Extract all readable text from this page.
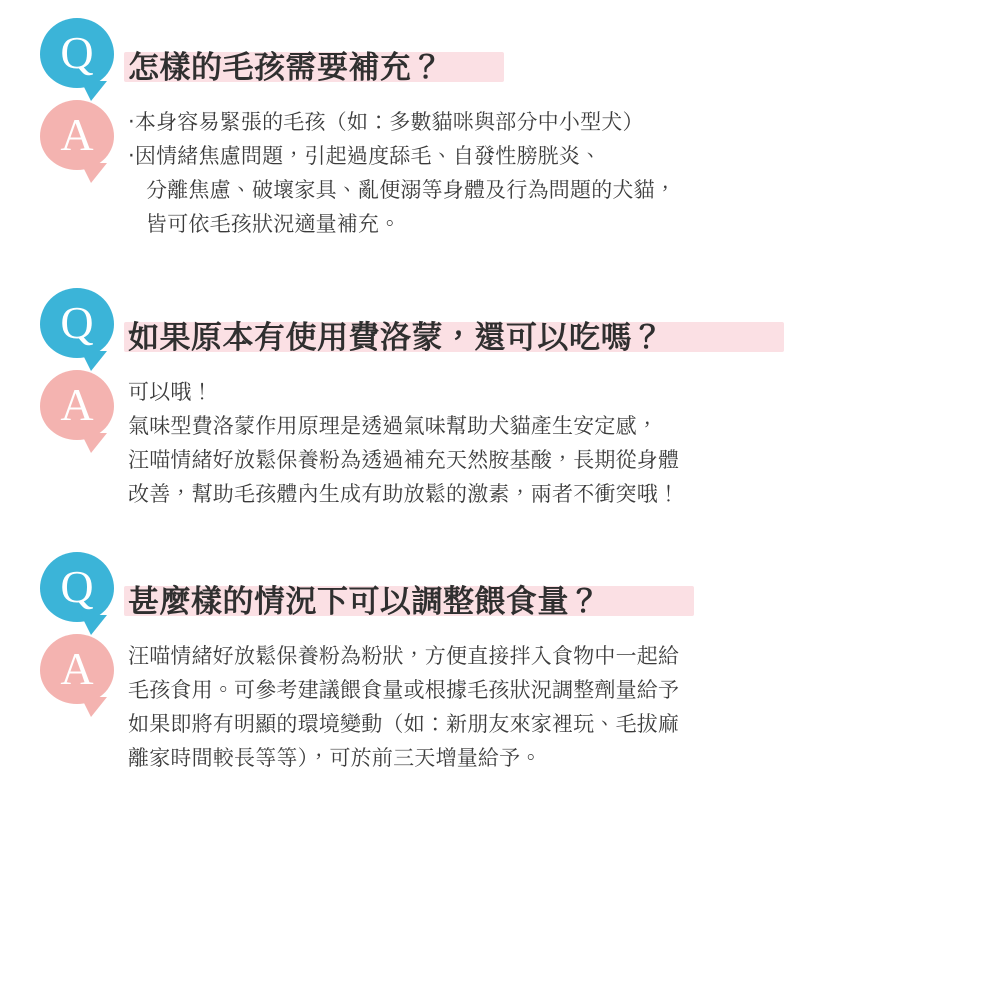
Q 怎樣的毛孩需要補充？
A ‧本身容易緊張的毛孩（如：多數貓咪與部分中小型犬）
‧因情緒焦慮問題，引起過度舔毛、自發性膀胱炎、
分離焦慮、破壞家具、亂便溺等身體及行為問題的犬貓，
皆可依毛孩狀況適量補充。
Q 如果原本有使用費洛蒙，還可以吃嗎？
A 可以哦！
氣味型費洛蒙作用原理是透過氣味幫助犬貓產生安定感，
汪喵情緒好放鬆保養粉為透過補充天然胺基酸，長期從身體
改善，幫助毛孩體內生成有助放鬆的激素，兩者不衝突哦！
Q 甚麼樣的情況下可以調整餵食量？
A 汪喵情緒好放鬆保養粉為粉狀，方便直接拌入食物中一起給
毛孩食用。可參考建議餵食量或根據毛孩狀況調整劑量給予
如果即將有明顯的環境變動（如：新朋友來家裡玩、毛拔麻
離家時間較長等等），可於前三天增量給予。
